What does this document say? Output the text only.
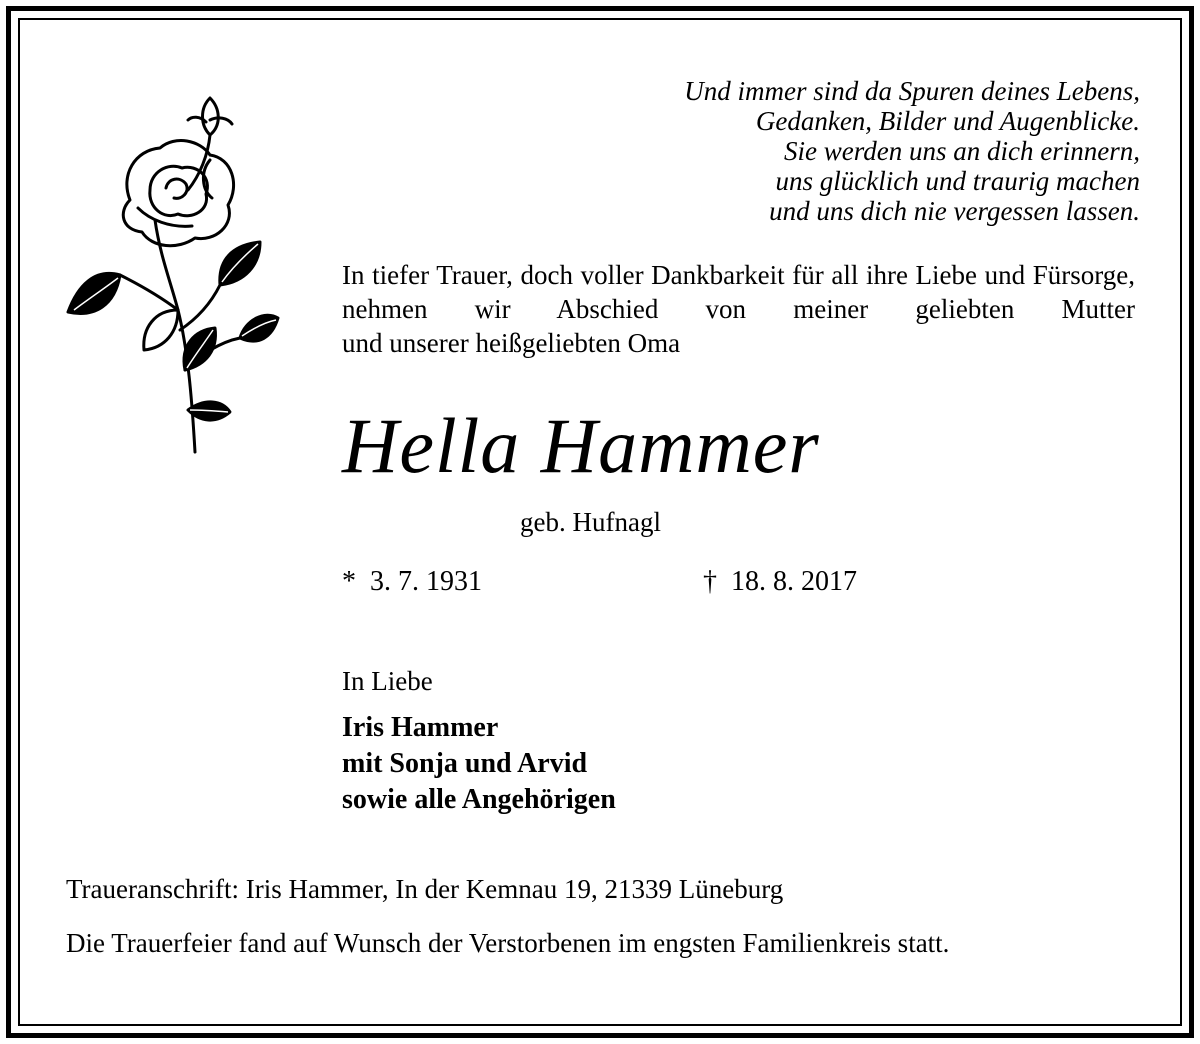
Und immer sind da Spuren deines Lebens,
Gedanken, Bilder und Augenblicke.
Sie werden uns an dich erinnern,
uns glücklich und traurig machen
und uns dich nie vergessen lassen.

In tiefer Trauer, doch voller Dankbarkeit für all ihre Liebe und Fürsorge, nehmen wir Abschied von meiner geliebten Mutter

und unserer heißgeliebten Oma

Hella Hammer

geb. Hufnagl

*  3. 7. 1931	†  18. 8. 2017

In Liebe

Iris Hammer
mit Sonja und Arvid
sowie alle Angehörigen

Traueranschrift: Iris Hammer, In der Kemnau 19, 21339 Lüneburg

Die Trauerfeier fand auf Wunsch der Verstorbenen im engsten Familienkreis statt.
